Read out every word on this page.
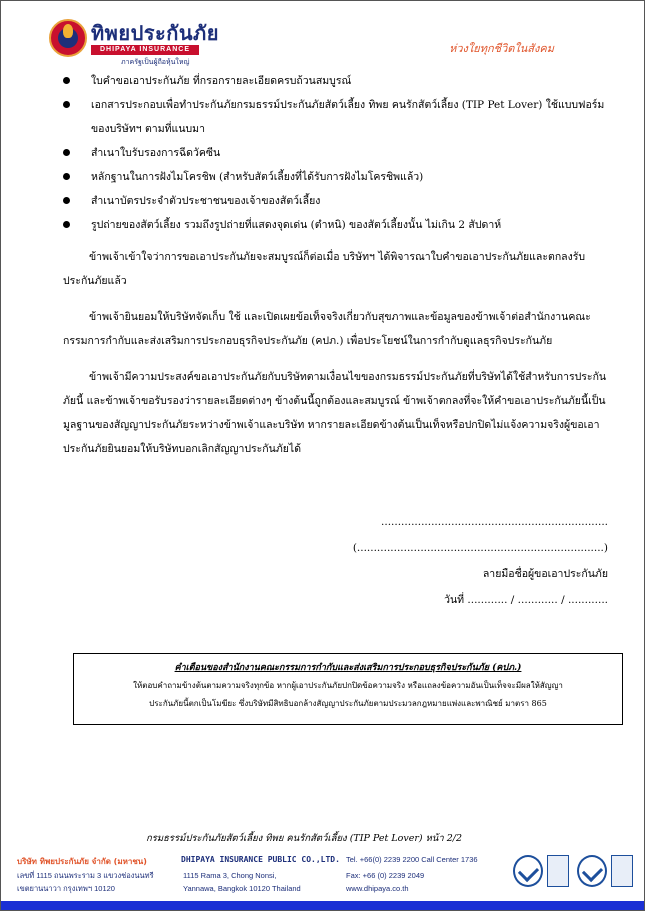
ทิพยประกันภัย
DHIPAYA INSURANCE
ภาครัฐเป็นผู้ถือหุ้นใหญ่
ห่วงใยทุกชีวิตในสังคม
ใบคำขอเอาประกันภัย ที่กรอกรายละเอียดครบถ้วนสมบูรณ์
เอกสารประกอบเพื่อทำประกันภัยกรมธรรม์ประกันภัยสัตว์เลี้ยง ทิพย คนรักสัตว์เลี้ยง (TIP Pet Lover) ใช้แบบฟอร์มของบริษัทฯ ตามที่แนบมา
สำเนาใบรับรองการฉีดวัคซีน
หลักฐานในการฝังไมโครชิพ (สำหรับสัตว์เลี้ยงที่ได้รับการฝังไมโครชิพแล้ว)
สำเนาบัตรประจำตัวประชาชนของเจ้าของสัตว์เลี้ยง
รูปถ่ายของสัตว์เลี้ยง รวมถึงรูปถ่ายที่แสดงจุดเด่น (ตำหนิ) ของสัตว์เลี้ยงนั้น ไม่เกิน 2 สัปดาห์

ข้าพเจ้าเข้าใจว่าการขอเอาประกันภัยจะสมบูรณ์ก็ต่อเมื่อ บริษัทฯ ได้พิจารณาใบคำขอเอาประกันภัยและตกลงรับประกันภัยแล้ว

ข้าพเจ้ายินยอมให้บริษัทจัดเก็บ ใช้ และเปิดเผยข้อเท็จจริงเกี่ยวกับสุขภาพและข้อมูลของข้าพเจ้าต่อสำนักงานคณะกรรมการกำกับและส่งเสริมการประกอบธุรกิจประกันภัย (คปภ.) เพื่อประโยชน์ในการกำกับดูแลธุรกิจประกันภัย

ข้าพเจ้ามีความประสงค์ขอเอาประกันภัยกับบริษัทตามเงื่อนไขของกรมธรรม์ประกันภัยที่บริษัทได้ใช้สำหรับการประกันภัยนี้ และข้าพเจ้าขอรับรองว่ารายละเอียดต่างๆ ข้างต้นนี้ถูกต้องและสมบูรณ์ ข้าพเจ้าตกลงที่จะให้คำขอเอาประกันภัยนี้เป็นมูลฐานของสัญญาประกันภัยระหว่างข้าพเจ้าและบริษัท หากรายละเอียดข้างต้นเป็นเท็จหรือปกปิดไม่แจ้งความจริงผู้ขอเอาประกันภัยยินยอมให้บริษัทบอกเลิกสัญญาประกันภัยได้

....................................................................
(..........................................................................)
ลายมือชื่อผู้ขอเอาประกันภัย
วันที่ ............ / ............ / ............
คำเตือนของสำนักงานคณะกรรมการกำกับและส่งเสริมการประกอบธุรกิจประกันภัย (คปภ.)
ให้ตอบคำถามข้างต้นตามความจริงทุกข้อ หากผู้เอาประกันภัยปกปิดข้อความจริง หรือแถลงข้อความอันเป็นเท็จจะมีผลให้สัญญา
ประกันภัยนี้ตกเป็นโมฆียะ ซึ่งบริษัทมีสิทธิบอกล้างสัญญาประกันภัยตามประมวลกฎหมายแพ่งและพาณิชย์ มาตรา 865
กรมธรรม์ประกันภัยสัตว์เลี้ยง ทิพย คนรักสัตว์เลี้ยง (TIP Pet Lover) หน้า 2/2
บริษัท ทิพยประกันภัย จำกัด (มหาชน)	DHIPAYA INSURANCE PUBLIC CO.,LTD. Tel. +66(0) 2239 2200 Call Center 1736
เลขที่ 1115 ถนนพระราม 3 แขวงช่องนนทรี
เขตยานนาวา กรุงเทพฯ 10120
1115 Rama 3, Chong Nonsi,
Yannawa, Bangkok 10120 Thailand
Fax: +66 (0) 2239 2049
www.dhipaya.co.th
